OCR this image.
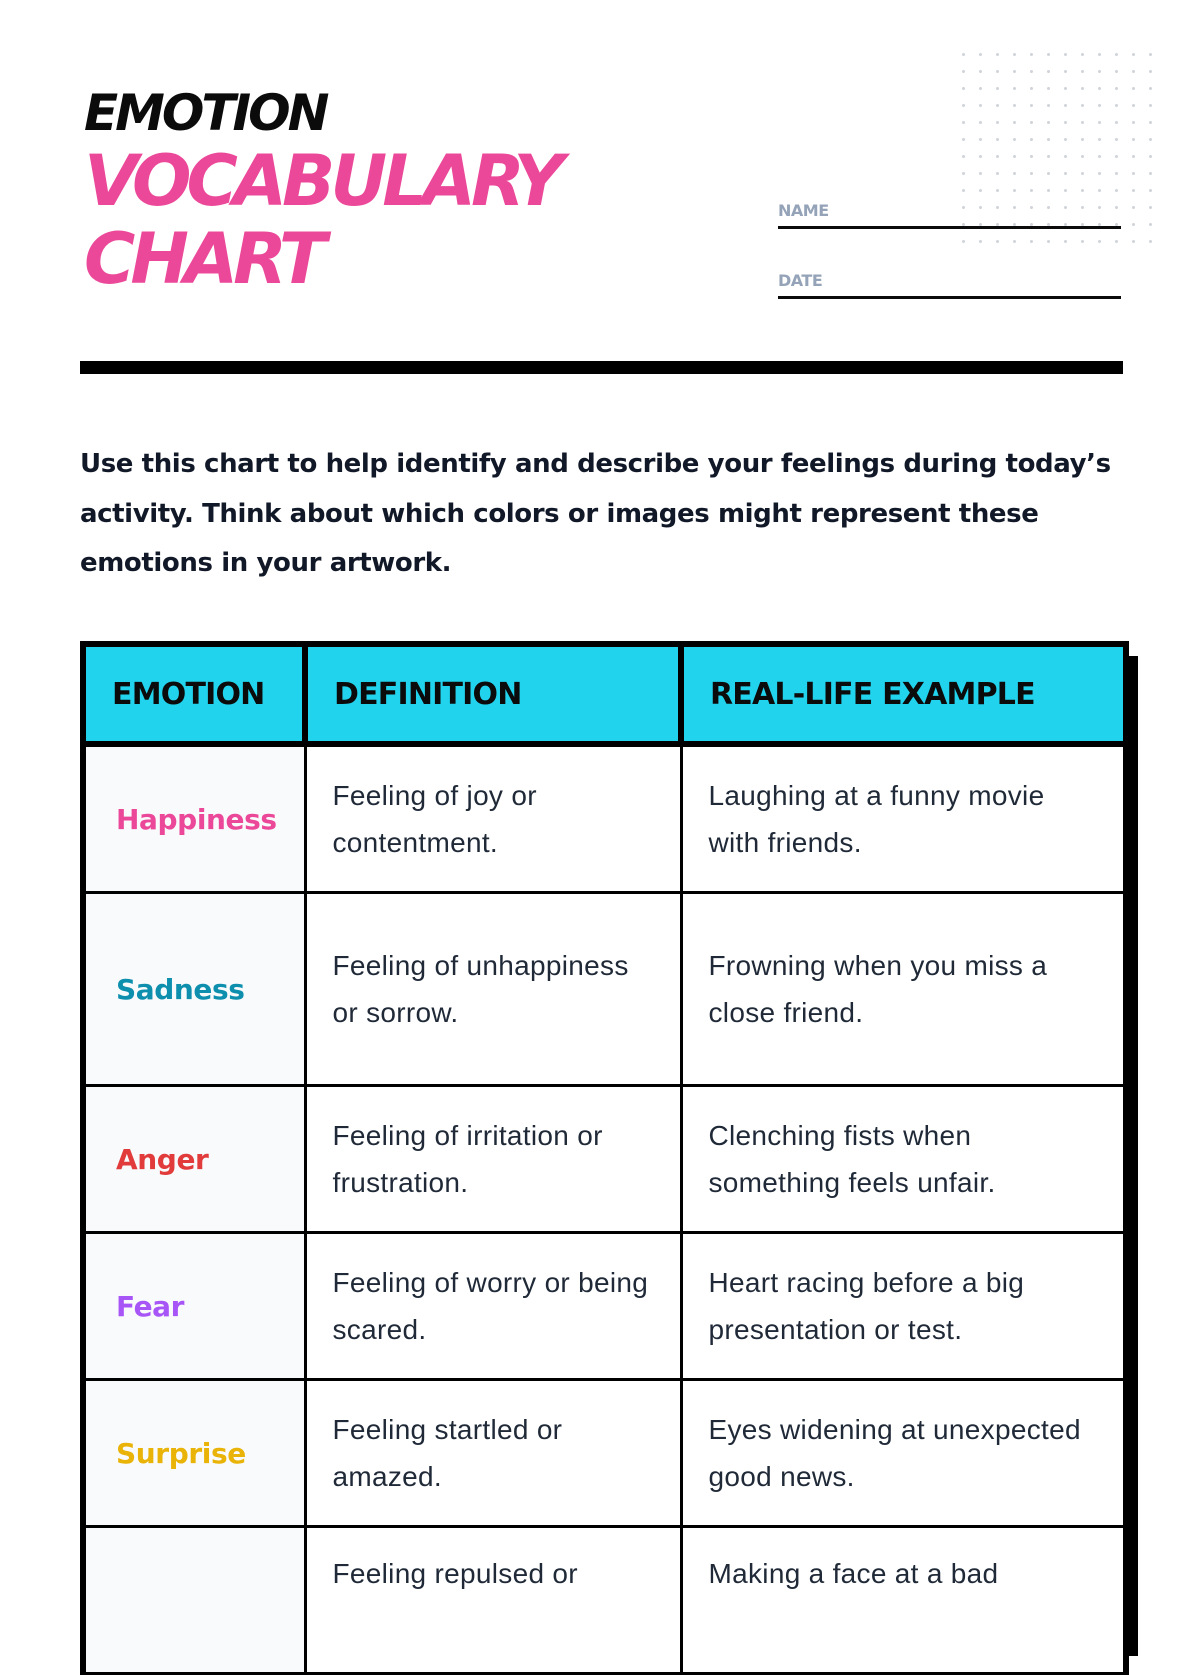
EMOTION
VOCABULARY
CHART
NAME
DATE

Use this chart to help identify and describe your feelings during today’s activity. Think about which colors or images might represent these emotions in your artwork.

EMOTION	DEFINITION	REAL-LIFE EXAMPLE
Happiness	Feeling of joy or contentment.	Laughing at a funny movie with friends.
Sadness	Feeling of unhappiness or sorrow.	Frowning when you miss a close friend.
Anger	Feeling of irritation or frustration.	Clenching fists when something feels unfair.
Fear	Feeling of worry or being scared.	Heart racing before a big presentation or test.
Surprise	Feeling startled or amazed.	Eyes widening at unexpected good news.
	Feeling repulsed or	Making a face at a bad
